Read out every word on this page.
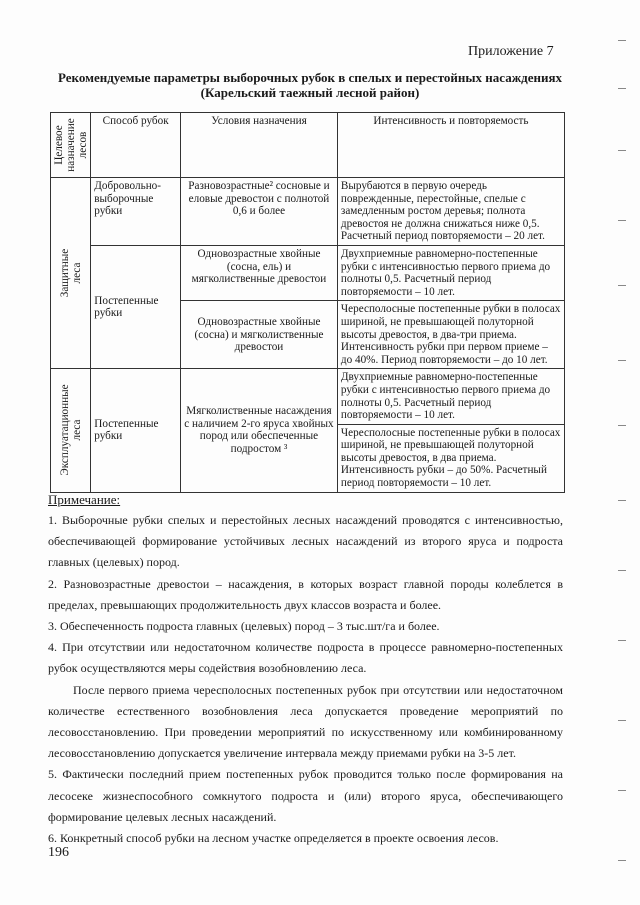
Приложение 7
Рекомендуемые параметры выборочных рубок в спелых и перестойных насаждениях
(Карельский таежный лесной район)
Целевое назначение лесов	Способ рубок	Условия назначения	Интенсивность и повторяемость

Защитные леса	Добровольно-выборочные рубки	Разновозрастные² сосновые и еловые древостои с полнотой 0,6 и более	Вырубаются в первую очередь поврежденные, перестойные, спелые с замедленным ростом деревья; полнота древостоя не должна снижаться ниже 0,5. Расчетный период повторяемости – 20 лет.
	Постепенные рубки	Одновозрастные хвойные (сосна, ель) и мягколиственные древостои	Двухприемные равномерно-постепенные рубки с интенсивностью первого приема до полноты 0,5. Расчетный период повторяемости – 10 лет.
		Одновозрастные хвойные (сосна) и мягколиственные древостои	Чересполосные постепенные рубки в полосах шириной, не превышающей полуторной высоты древостоя, в два-три приема. Интенсивность рубки при первом приеме – до 40%. Период повторяемости – до 10 лет.

Эксплуатационные леса	Постепенные рубки	Мягколиственные насаждения с наличием 2-го яруса хвойных пород или обеспеченные подростом ³	Двухприемные равномерно-постепенные рубки с интенсивностью первого приема до полноты 0,5. Расчетный период повторяемости – 10 лет.
			Чересполосные постепенные рубки в полосах шириной, не превышающей полуторной высоты древостоя, в два приема. Интенсивность рубки – до 50%. Расчетный период повторяемости – 10 лет.
Примечание:

1. Выборочные рубки спелых и перестойных лесных насаждений проводятся с интенсивностью, обеспечивающей формирование устойчивых лесных насаждений из второго яруса и подроста главных (целевых) пород.

2. Разновозрастные древостои – насаждения, в которых возраст главной породы колеблется в пределах, превышающих продолжительность двух классов возраста и более.

3. Обеспеченность подроста главных (целевых) пород – 3 тыс.шт/га и более.

4. При отсутствии или недостаточном количестве подроста в процессе равномерно-постепенных рубок осуществляются меры содействия возобновлению леса.

После первого приема чересполосных постепенных рубок при отсутствии или недостаточном количестве естественного возобновления леса допускается проведение мероприятий по лесовосстановлению. При проведении мероприятий по искусственному или комбинированному лесовосстановлению допускается увеличение интервала между приемами рубки на 3-5 лет.

5. Фактически последний прием постепенных рубок проводится только после формирования на лесосеке жизнеспособного сомкнутого подроста и (или) второго яруса, обеспечивающего формирование целевых лесных насаждений.

6. Конкретный способ рубки на лесном участке определяется в проекте освоения лесов.

196
